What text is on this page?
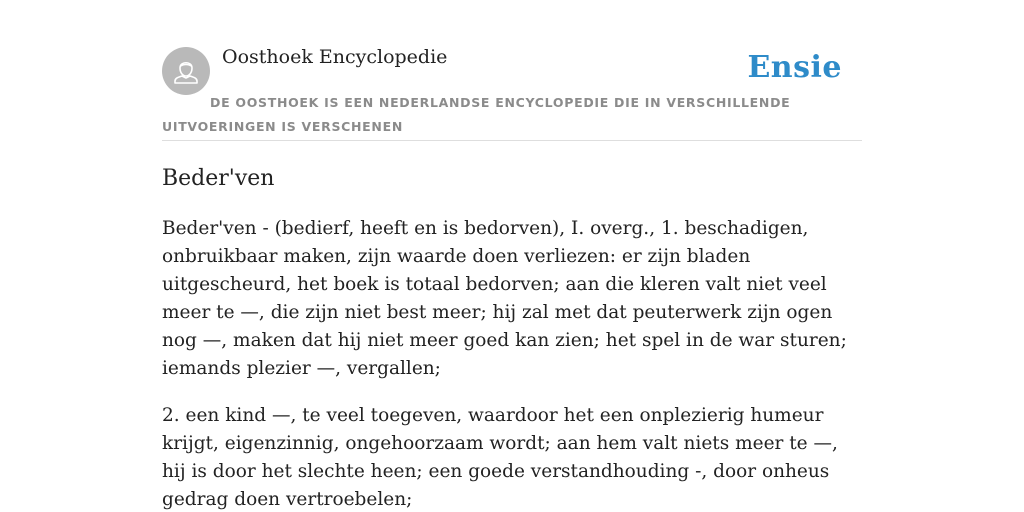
Oosthoek Encyclopedie	Ensie
DE OOSTHOEK IS EEN NEDERLANDSE ENCYCLOPEDIE DIE IN VERSCHILLENDE UITVOERINGEN IS VERSCHENEN
Beder'ven

Beder'ven - (bedierf, heeft en is bedorven), I. overg., 1. beschadigen, onbruikbaar maken, zijn waarde doen verliezen: er zijn bladen uitgescheurd, het boek is totaal bedorven; aan die kleren valt niet veel meer te —, die zijn niet best meer; hij zal met dat peuterwerk zijn ogen nog —, maken dat hij niet meer goed kan zien; het spel in de war sturen; iemands plezier —, vergallen;

2. een kind —, te veel toegeven, waardoor het een onplezierig humeur krijgt, eigenzinnig, ongehoorzaam wordt; aan hem valt niets meer te —, hij is door het slechte heen; een goede verstandhouding -, door onheus gedrag doen vertroebelen;
